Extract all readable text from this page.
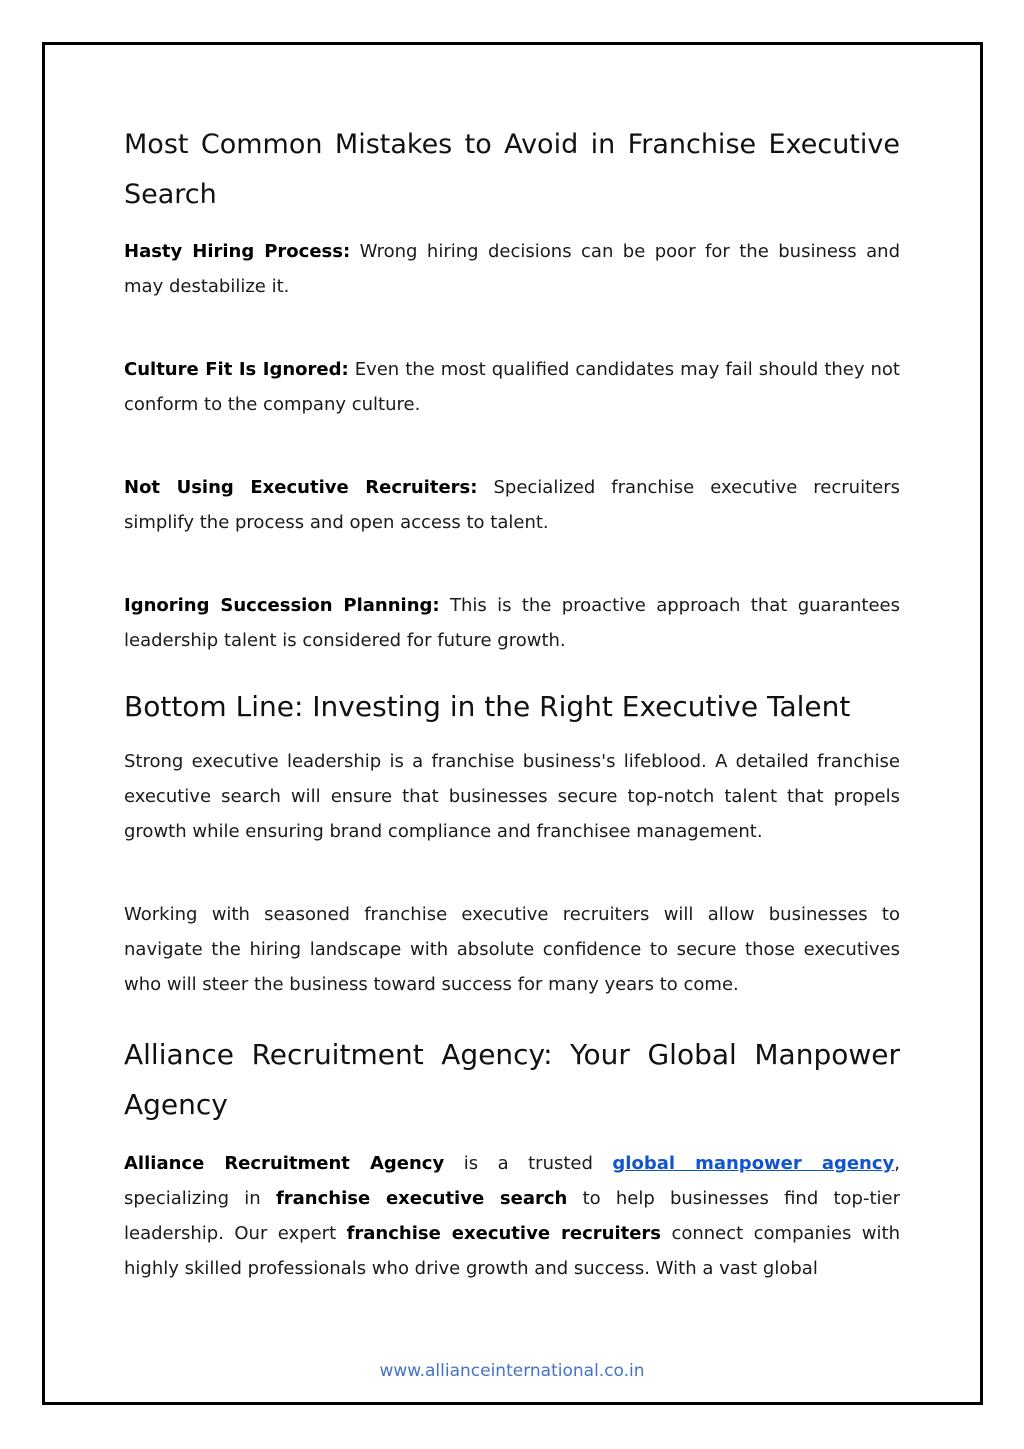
Most Common Mistakes to Avoid in Franchise Executive Search

Hasty Hiring Process: Wrong hiring decisions can be poor for the business and may destabilize it.

Culture Fit Is Ignored: Even the most qualified candidates may fail should they not conform to the company culture.

Not Using Executive Recruiters: Specialized franchise executive recruiters simplify the process and open access to talent.

Ignoring Succession Planning: This is the proactive approach that guarantees leadership talent is considered for future growth.

Bottom Line: Investing in the Right Executive Talent

Strong executive leadership is a franchise business's lifeblood. A detailed franchise executive search will ensure that businesses secure top-notch talent that propels growth while ensuring brand compliance and franchisee management.

Working with seasoned franchise executive recruiters will allow businesses to navigate the hiring landscape with absolute confidence to secure those executives who will steer the business toward success for many years to come.

Alliance Recruitment Agency: Your Global Manpower Agency

Alliance Recruitment Agency is a trusted global manpower agency, specializing in franchise executive search to help businesses find top-tier leadership. Our expert franchise executive recruiters connect companies with highly skilled professionals who drive growth and success. With a vast global

www.allianceinternational.co.in
